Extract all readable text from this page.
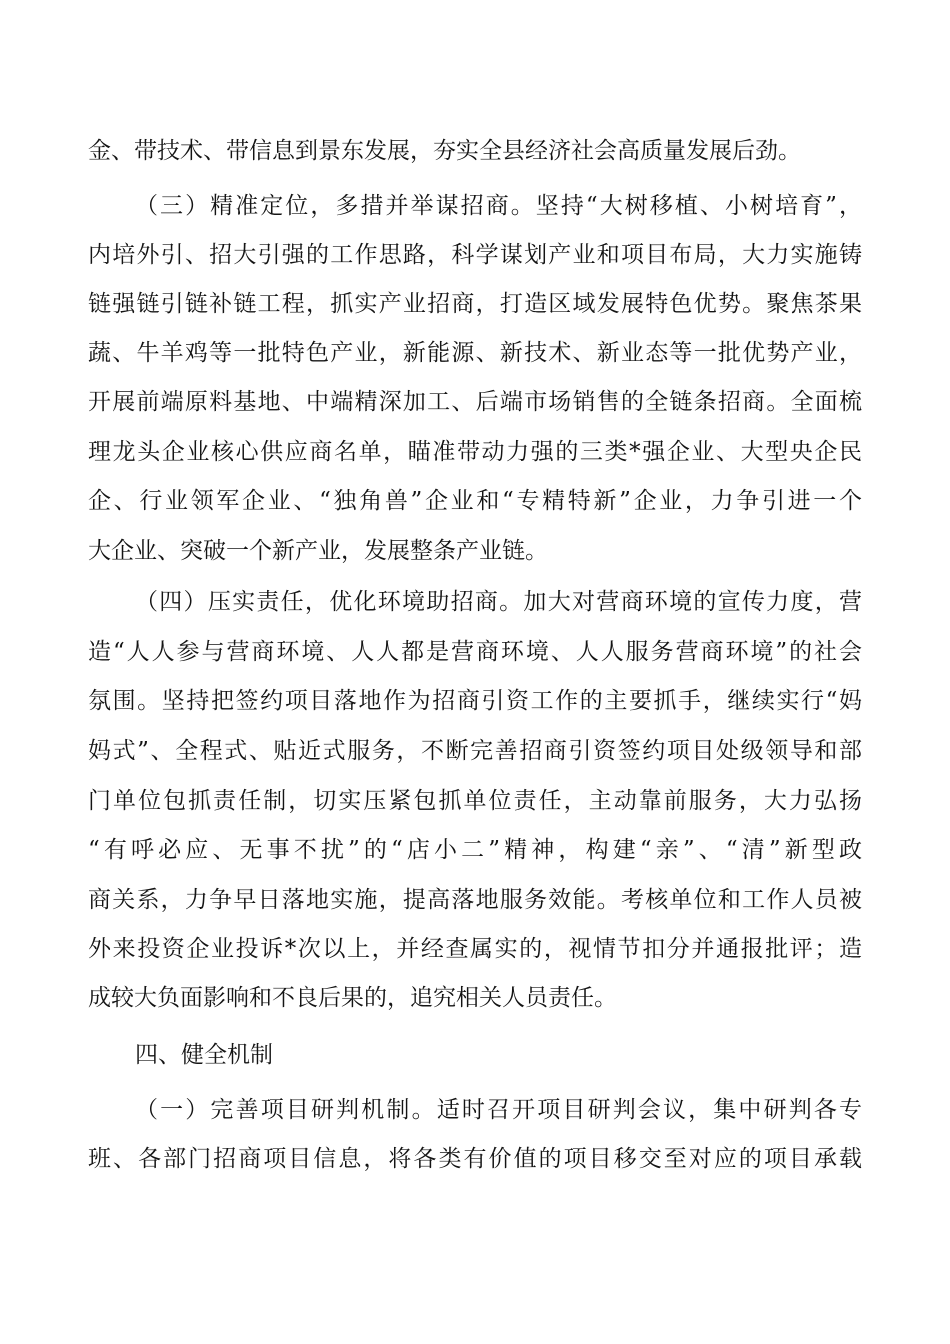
金、带技术、带信息到景东发展，夯实全县经济社会高质量发展后劲。
（三）精准定位，多措并举谋招商。坚持“大树移植、小树培育”，
内培外引、招大引强的工作思路，科学谋划产业和项目布局，大力实施铸
链强链引链补链工程，抓实产业招商，打造区域发展特色优势。聚焦茶果
蔬、牛羊鸡等一批特色产业，新能源、新技术、新业态等一批优势产业，
开展前端原料基地、中端精深加工、后端市场销售的全链条招商。全面梳
理龙头企业核心供应商名单，瞄准带动力强的三类*强企业、大型央企民
企、行业领军企业、“独角兽”企业和“专精特新”企业，力争引进一个
大企业、突破一个新产业，发展整条产业链。
（四）压实责任，优化环境助招商。加大对营商环境的宣传力度，营
造“人人参与营商环境、人人都是营商环境、人人服务营商环境”的社会
氛围。坚持把签约项目落地作为招商引资工作的主要抓手，继续实行“妈
妈式”、全程式、贴近式服务，不断完善招商引资签约项目处级领导和部
门单位包抓责任制，切实压紧包抓单位责任，主动靠前服务，大力弘扬
“有呼必应、无事不扰”的“店小二”精神，构建“亲”、“清”新型政
商关系，力争早日落地实施，提高落地服务效能。考核单位和工作人员被
外来投资企业投诉*次以上，并经查属实的，视情节扣分并通报批评；造
成较大负面影响和不良后果的，追究相关人员责任。
四、健全机制
（一）完善项目研判机制。适时召开项目研判会议，集中研判各专
班、各部门招商项目信息，将各类有价值的项目移交至对应的项目承载
